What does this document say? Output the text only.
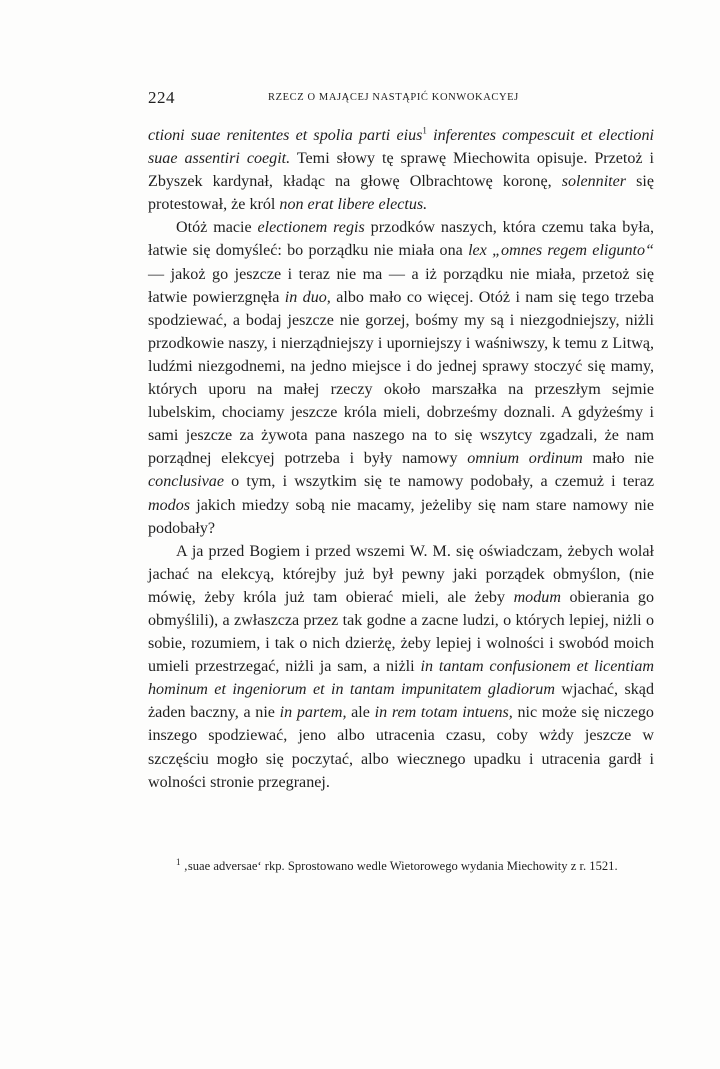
224	RZECZ O MAJĄCEJ NASTĄPIĆ KONWOKACYEJ

ctioni suae renitentes et spolia parti eius$^1$ inferentes compescuit et electioni suae assentiri coegit. Temi słowy tę sprawę Miechowita opisuje. Przetoż i Zbyszek kardynał, kładąc na głowę Olbrachtowę koronę, solenniter się protestował, że król non erat libere electus.

Otóż macie electionem regis przodków naszych, która czemu taka była, łatwie się domyśleć: bo porządku nie miała ona lex „omnes regem eligunto“ — jakoż go jeszcze i teraz nie ma — a iż porządku nie miała, przetoż się łatwie powierzgnęła in duo, albo mało co więcej. Otóż i nam się tego trzeba spodziewać, a bodaj jeszcze nie gorzej, bośmy my są i niezgodniejszy, niżli przodkowie naszy, i nierządniejszy i uporniejszy i waśniwszy, k temu z Litwą, ludźmi niezgodnemi, na jedno miejsce i do jednej sprawy stoczyć się mamy, których uporu na małej rzeczy około marszałka na przeszłym sejmie lubelskim, chociamy jeszcze króla mieli, dobrześmy doznali. A gdyżeśmy i sami jeszcze za żywota pana naszego na to się wszytcy zgadzali, że nam porządnej elekcyej potrzeba i były namowy omnium ordinum mało nie conclusivae o tym, i wszytkim się te namowy podobały, a czemuż i teraz modos jakich miedzy sobą nie macamy, jeżeliby się nam stare namowy nie podobały?

A ja przed Bogiem i przed wszemi W. M. się oświadczam, żebych wolał jachać na elekcyą, którejby już był pewny jaki porządek obmyślon, (nie mówię, żeby króla już tam obierać mieli, ale żeby modum obierania go obmyślili), a zwłaszcza przez tak godne a zacne ludzi, o których lepiej, niżli o sobie, rozumiem, i tak o nich dzierżę, żeby lepiej i wolności i swobód moich umieli przestrzegać, niżli ja sam, a niżli in tantam confusionem et licentiam hominum et ingeniorum et in tantam impunitatem gladiorum wjachać, skąd żaden baczny, a nie in partem, ale in rem totam intuens, nic może się niczego inszego spodziewać, jeno albo utracenia czasu, coby wżdy jeszcze w szczęściu mogło się poczytać, albo wiecznego upadku i utracenia gardł i wolności stronie przegranej.

$^1$ ‚suae adversae‘ rkp. Sprostowano wedle Wietorowego wydania Miechowity z r. 1521.
